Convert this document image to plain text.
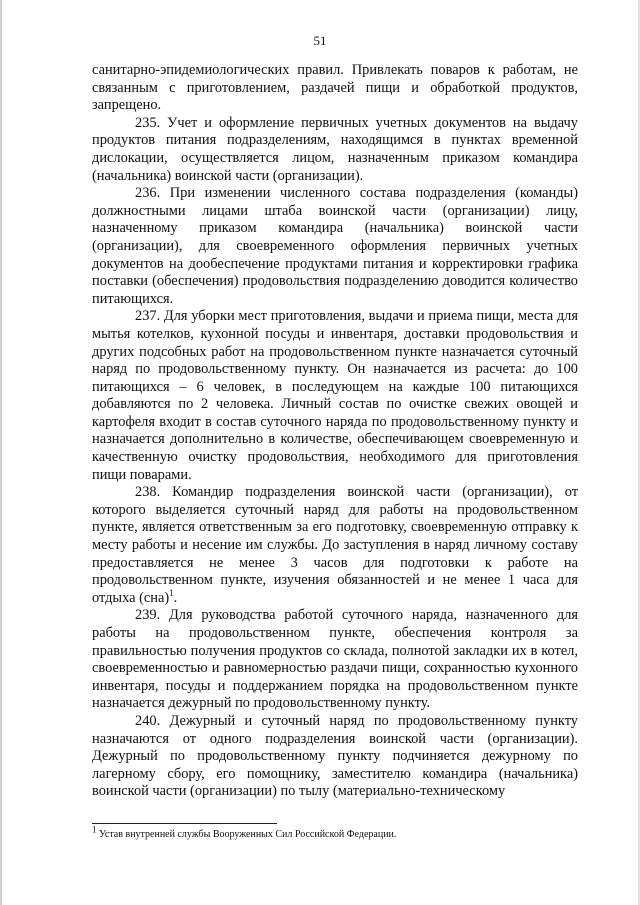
51

санитарно-эпидемиологических правил. Привлекать поваров к работам, не связанным с приготовлением, раздачей пищи и обработкой продуктов, запрещено.

235. Учет и оформление первичных учетных документов на выдачу продуктов питания подразделениям, находящимся в пунктах временной дислокации, осуществляется лицом, назначенным приказом командира (начальника) воинской части (организации).

236. При изменении численного состава подразделения (команды) должностными лицами штаба воинской части (организации) лицу, назначенному приказом командира (начальника) воинской части (организации), для своевременного оформления первичных учетных документов на дообеспечение продуктами питания и корректировки графика поставки (обеспечения) продовольствия подразделению доводится количество питающихся.

237. Для уборки мест приготовления, выдачи и приема пищи, места для мытья котелков, кухонной посуды и инвентаря, доставки продовольствия и других подсобных работ на продовольственном пункте назначается суточный наряд по продовольственному пункту. Он назначается из расчета: до 100 питающихся – 6 человек, в последующем на каждые 100 питающихся добавляются по 2 человека. Личный состав по очистке свежих овощей и картофеля входит в состав суточного наряда по продовольственному пункту и назначается дополнительно в количестве, обеспечивающем своевременную и качественную очистку продовольствия, необходимого для приготовления пищи поварами.

238. Командир подразделения воинской части (организации), от которого выделяется суточный наряд для работы на продовольственном пункте, является ответственным за его подготовку, своевременную отправку к месту работы и несение им службы. До заступления в наряд личному составу предоставляется не менее 3 часов для подготовки к работе на продовольственном пункте, изучения обязанностей и не менее 1 часа для отдыха (сна)$^1$.

239. Для руководства работой суточного наряда, назначенного для работы на продовольственном пункте, обеспечения контроля за правильностью получения продуктов со склада, полнотой закладки их в котел, своевременностью и равномерностью раздачи пищи, сохранностью кухонного инвентаря, посуды и поддержанием порядка на продовольственном пункте назначается дежурный по продовольственному пункту.

240. Дежурный и суточный наряд по продовольственному пункту назначаются от одного подразделения воинской части (организации). Дежурный по продовольственному пункту подчиняется дежурному по лагерному сбору, его помощнику, заместителю командира (начальника) воинской части (организации) по тылу (материально-техническому

$^1$ Устав внутренней службы Вооруженных Сил Российской Федерации.
